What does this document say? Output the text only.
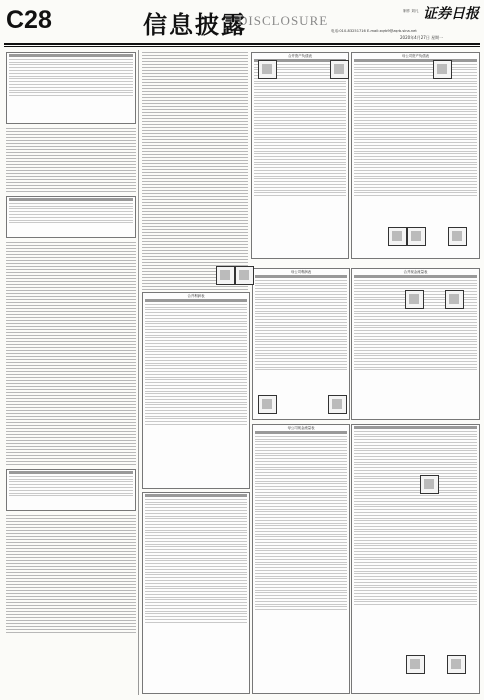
C28	信息披露
DISCLOSURE
制作 刘凡 证券日报
电话:010-83251716 E-mail:zqrb9@zqrb.sina.net
2020年4月27日 星期一
合并资产负债表	母公司资产负债表
合并利润表
母公司利润表	合并现金流量表
母公司现金流量表
